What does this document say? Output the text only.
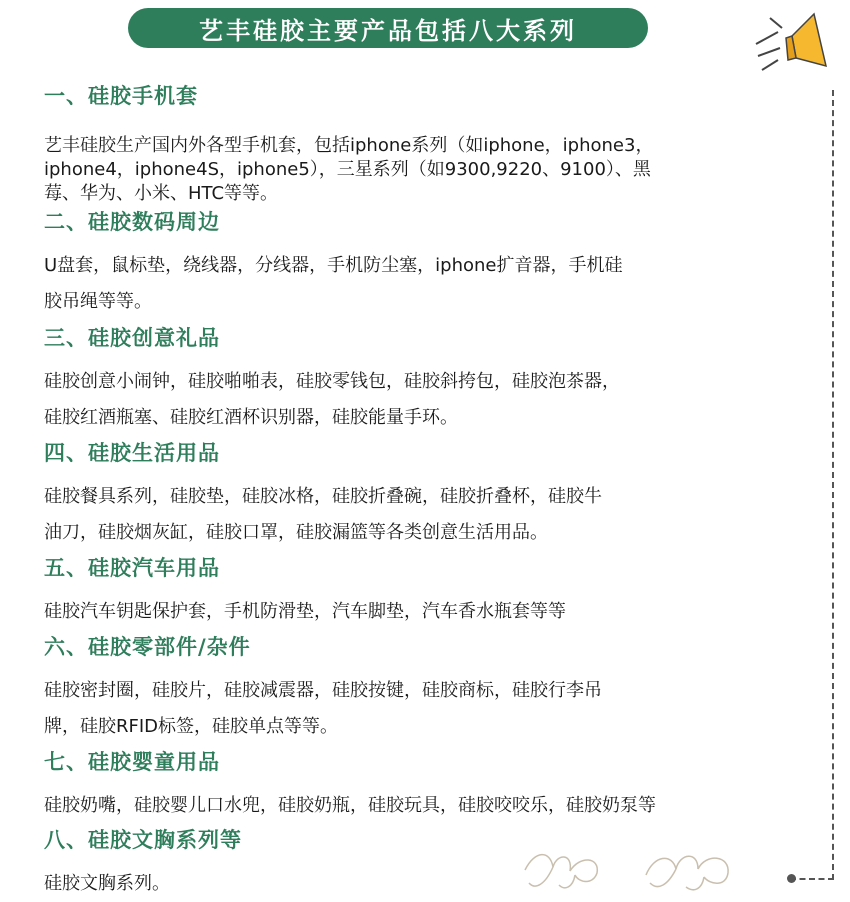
艺丰硅胶主要产品包括八大系列
一、硅胶手机套

艺丰硅胶生产国内外各型手机套，包括iphone系列（如iphone，iphone3，

iphone4，iphone4S，iphone5），三星系列（如9300,9220、9100）、黑

莓、华为、小米、HTC等等。

二、硅胶数码周边

U盘套，鼠标垫，绕线器，分线器，手机防尘塞，iphone扩音器，手机硅

胶吊绳等等。

三、硅胶创意礼品

硅胶创意小闹钟，硅胶啪啪表，硅胶零钱包，硅胶斜挎包，硅胶泡茶器，

硅胶红酒瓶塞、硅胶红酒杯识别器，硅胶能量手环。

四、硅胶生活用品

硅胶餐具系列，硅胶垫，硅胶冰格，硅胶折叠碗，硅胶折叠杯，硅胶牛

油刀，硅胶烟灰缸，硅胶口罩，硅胶漏篮等各类创意生活用品。

五、硅胶汽车用品

硅胶汽车钥匙保护套，手机防滑垫，汽车脚垫，汽车香水瓶套等等

六、硅胶零部件/杂件

硅胶密封圈，硅胶片，硅胶减震器，硅胶按键，硅胶商标，硅胶行李吊

牌，硅胶RFID标签，硅胶单点等等。

七、硅胶婴童用品

硅胶奶嘴，硅胶婴儿口水兜，硅胶奶瓶，硅胶玩具，硅胶咬咬乐，硅胶奶泵等

八、硅胶文胸系列等

硅胶文胸系列。
